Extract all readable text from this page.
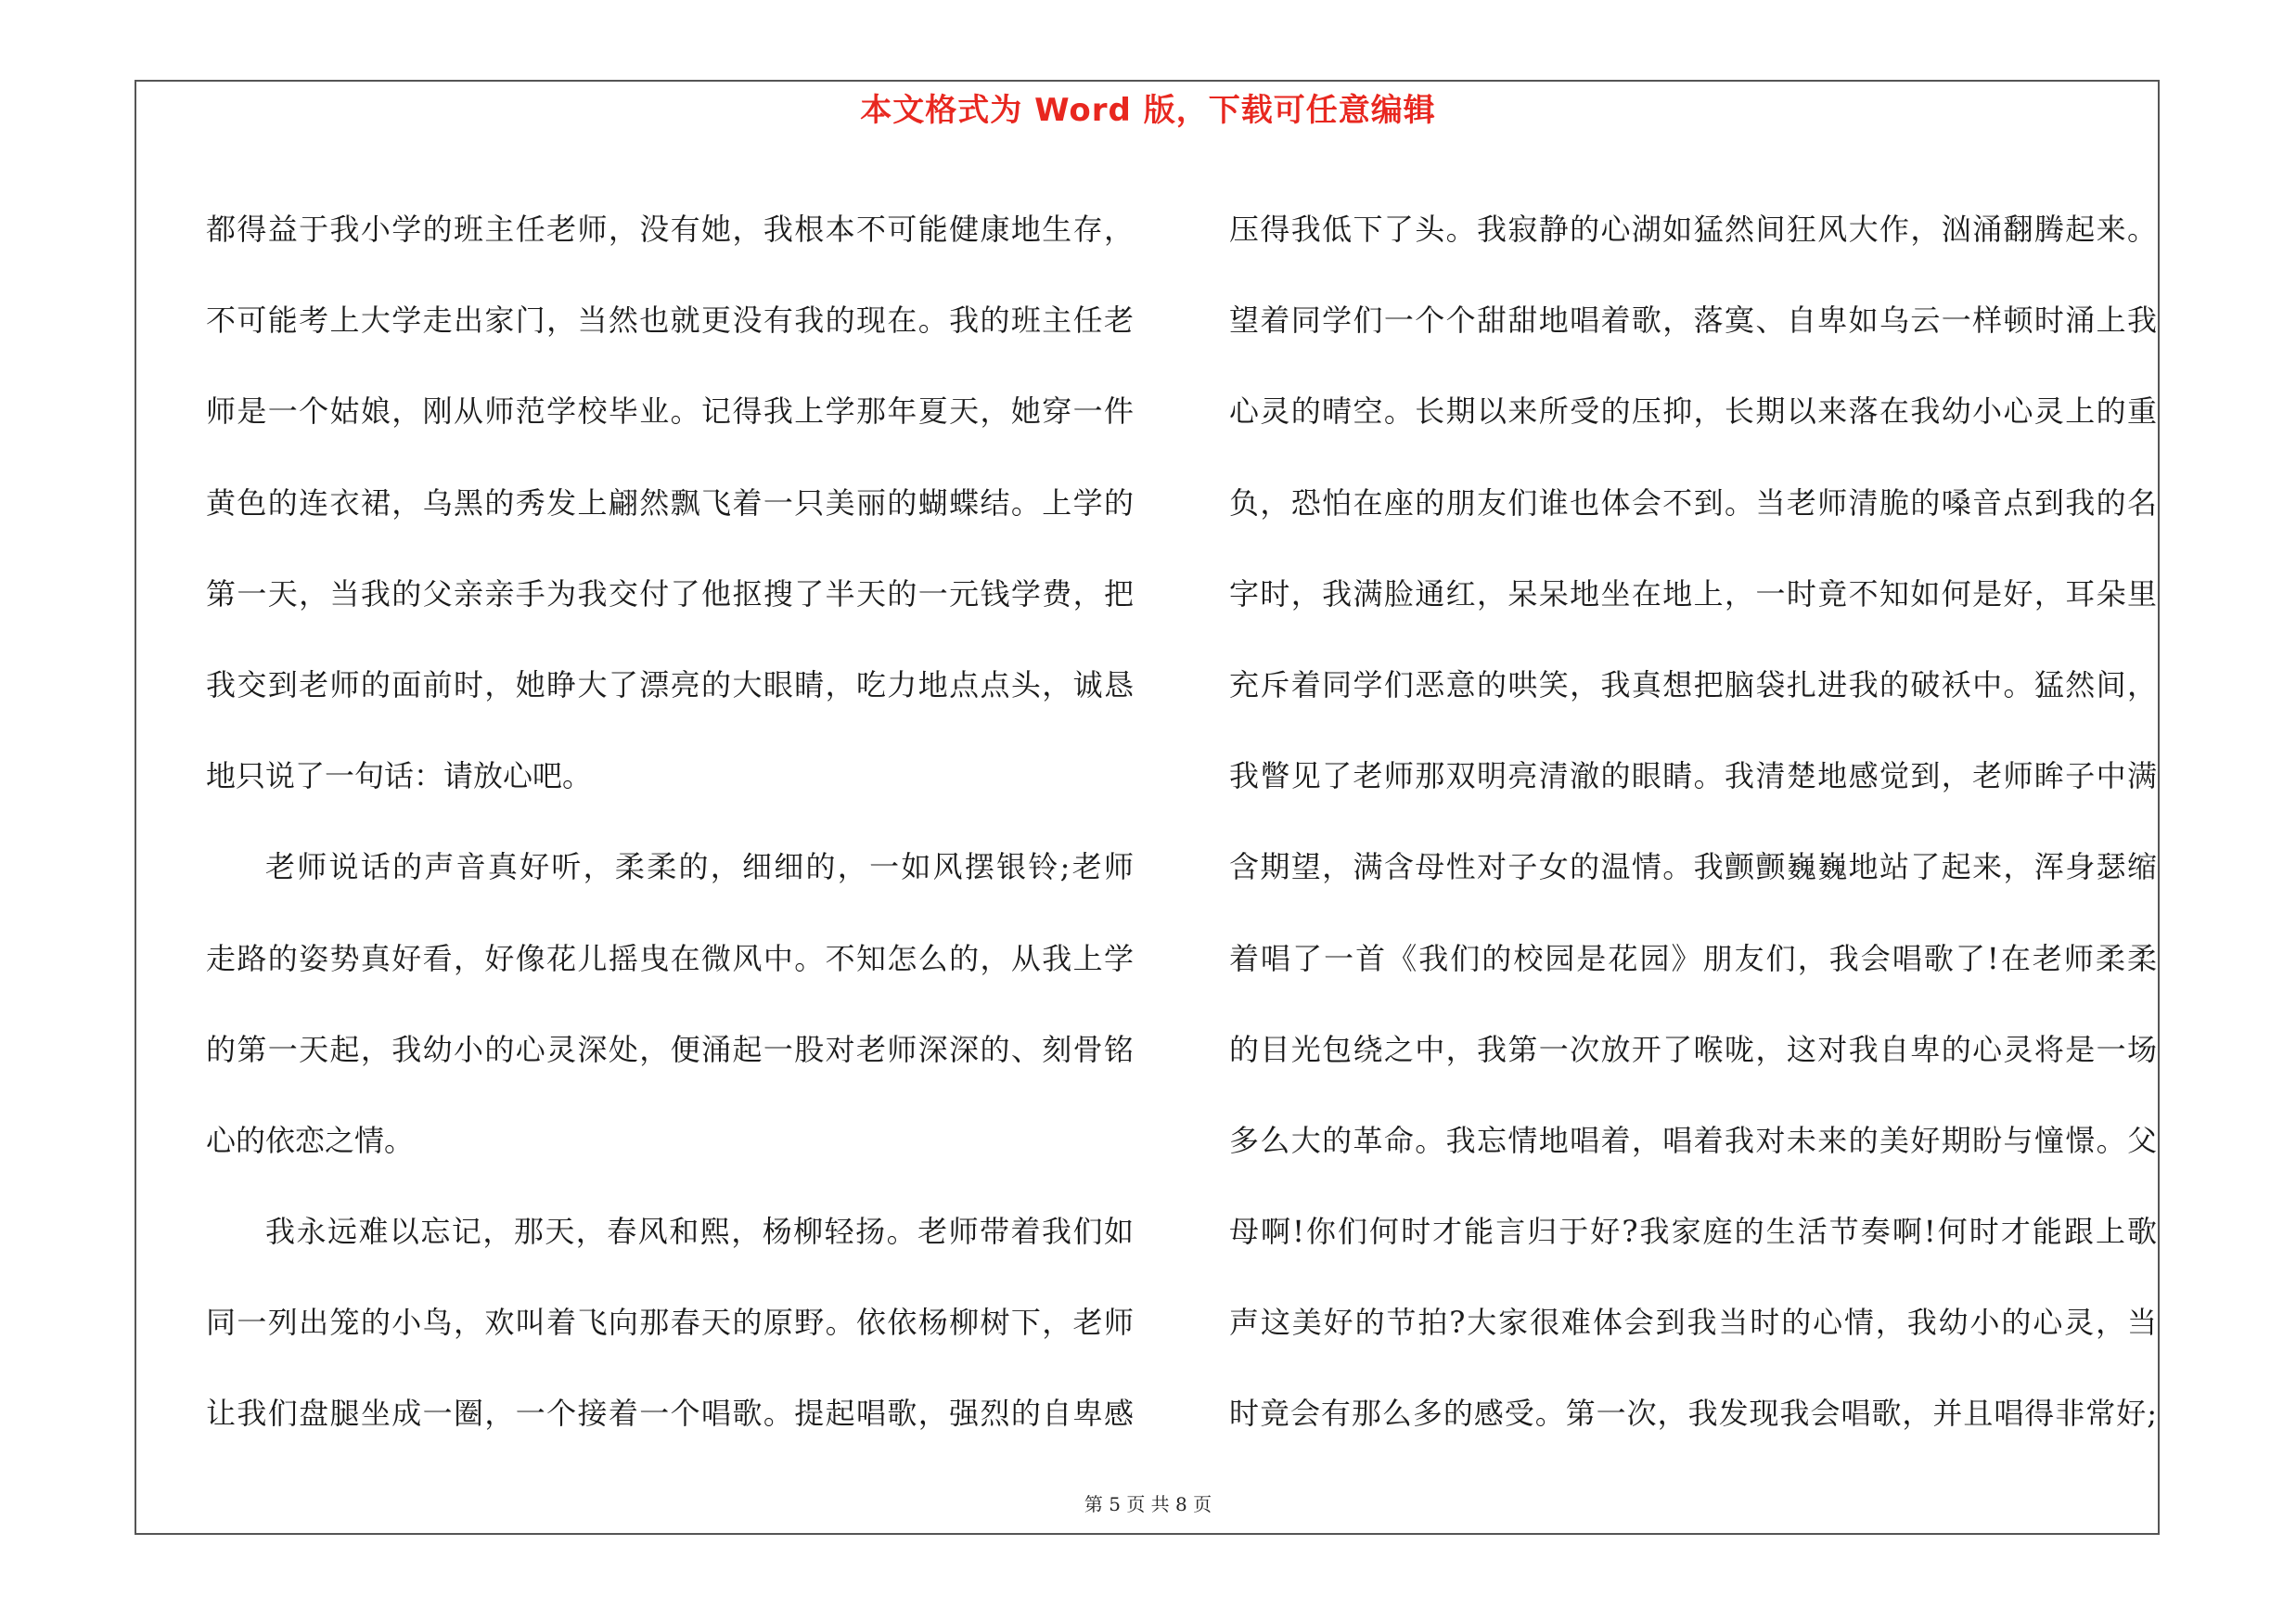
本文格式为 Word 版，下载可任意编辑
都得益于我小学的班主任老师，没有她，我根本不可能健康地生存，
不可能考上大学走出家门，当然也就更没有我的现在。我的班主任老
师是一个姑娘，刚从师范学校毕业。记得我上学那年夏天，她穿一件
黄色的连衣裙，乌黑的秀发上翩然飘飞着一只美丽的蝴蝶结。上学的
第一天，当我的父亲亲手为我交付了他抠搜了半天的一元钱学费，把
我交到老师的面前时，她睁大了漂亮的大眼睛，吃力地点点头，诚恳
地只说了一句话：请放心吧。
老师说话的声音真好听，柔柔的，细细的，一如风摆银铃;老师
走路的姿势真好看，好像花儿摇曳在微风中。不知怎么的，从我上学
的第一天起，我幼小的心灵深处，便涌起一股对老师深深的、刻骨铭
心的依恋之情。
我永远难以忘记，那天，春风和熙，杨柳轻扬。老师带着我们如
同一列出笼的小鸟，欢叫着飞向那春天的原野。依依杨柳树下，老师
让我们盘腿坐成一圈，一个接着一个唱歌。提起唱歌，强烈的自卑感
压得我低下了头。我寂静的心湖如猛然间狂风大作，汹涌翻腾起来。
望着同学们一个个甜甜地唱着歌，落寞、自卑如乌云一样顿时涌上我
心灵的晴空。长期以来所受的压抑，长期以来落在我幼小心灵上的重
负，恐怕在座的朋友们谁也体会不到。当老师清脆的嗓音点到我的名
字时，我满脸通红，呆呆地坐在地上，一时竟不知如何是好，耳朵里
充斥着同学们恶意的哄笑，我真想把脑袋扎进我的破袄中。猛然间，
我瞥见了老师那双明亮清澈的眼睛。我清楚地感觉到，老师眸子中满
含期望，满含母性对子女的温情。我颤颤巍巍地站了起来，浑身瑟缩
着唱了一首《我们的校园是花园》朋友们，我会唱歌了!在老师柔柔
的目光包绕之中，我第一次放开了喉咙，这对我自卑的心灵将是一场
多么大的革命。我忘情地唱着，唱着我对未来的美好期盼与憧憬。父
母啊!你们何时才能言归于好?我家庭的生活节奏啊!何时才能跟上歌
声这美好的节拍?大家很难体会到我当时的心情，我幼小的心灵，当
时竟会有那么多的感受。第一次，我发现我会唱歌，并且唱得非常好;
第 5 页 共 8 页
